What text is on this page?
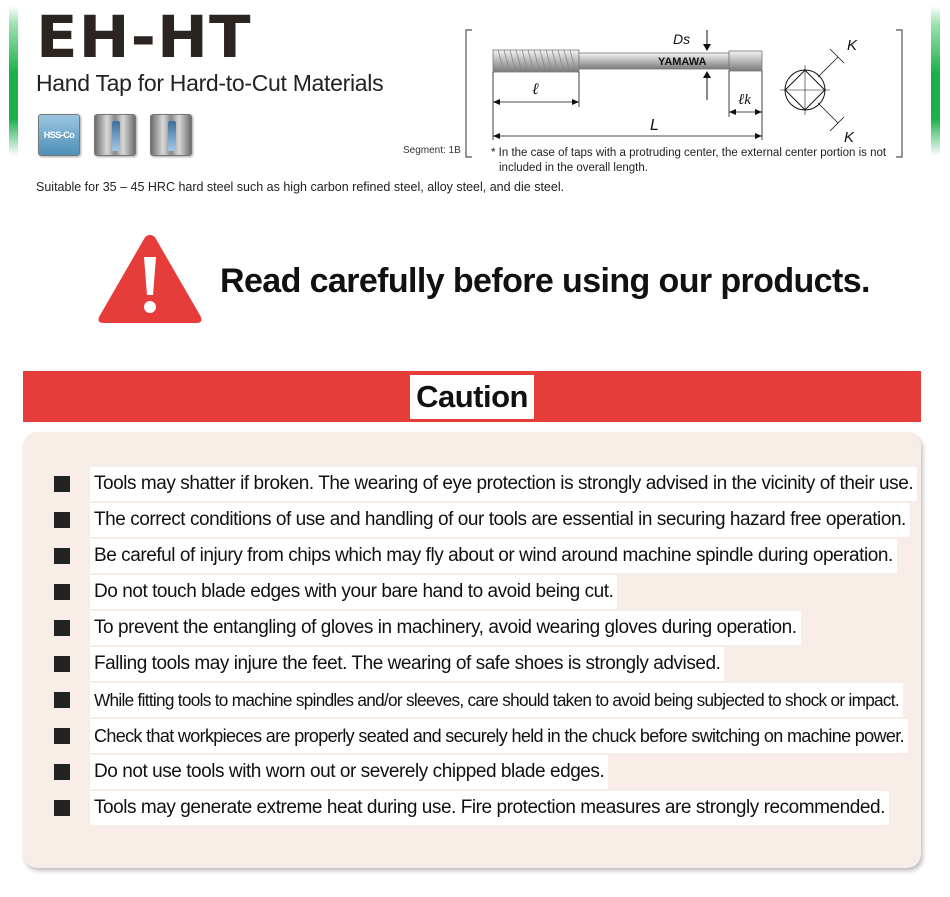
EH-HT
Hand Tap for Hard-to-Cut Materials
HSS-Co
Segment: 1B
Suitable for 35 – 45 HRC hard steel such as high carbon refined steel, alloy steel, and die steel.
YAMAWA
Ds
ℓ
ℓk
L
K
K
* In the case of taps with a protruding center, the external center portion is not
included in the overall length.
Read carefully before using our products.
Caution
Tools may shatter if broken. The wearing of eye protection is strongly advised in the vicinity of their use.
The correct conditions of use and handling of our tools are essential in securing hazard free operation.
Be careful of injury from chips which may fly about or wind around machine spindle during operation.
Do not touch blade edges with your bare hand to avoid being cut.
To prevent the entangling of gloves in machinery, avoid wearing gloves during operation.
Falling tools may injure the feet. The wearing of safe shoes is strongly advised.
While fitting tools to machine spindles and/or sleeves, care should taken to avoid being subjected to shock or impact.
Check that workpieces are properly seated and securely held in the chuck before switching on machine power.
Do not use tools with worn out or severely chipped blade edges.
Tools may generate extreme heat during use. Fire protection measures are strongly recommended.
